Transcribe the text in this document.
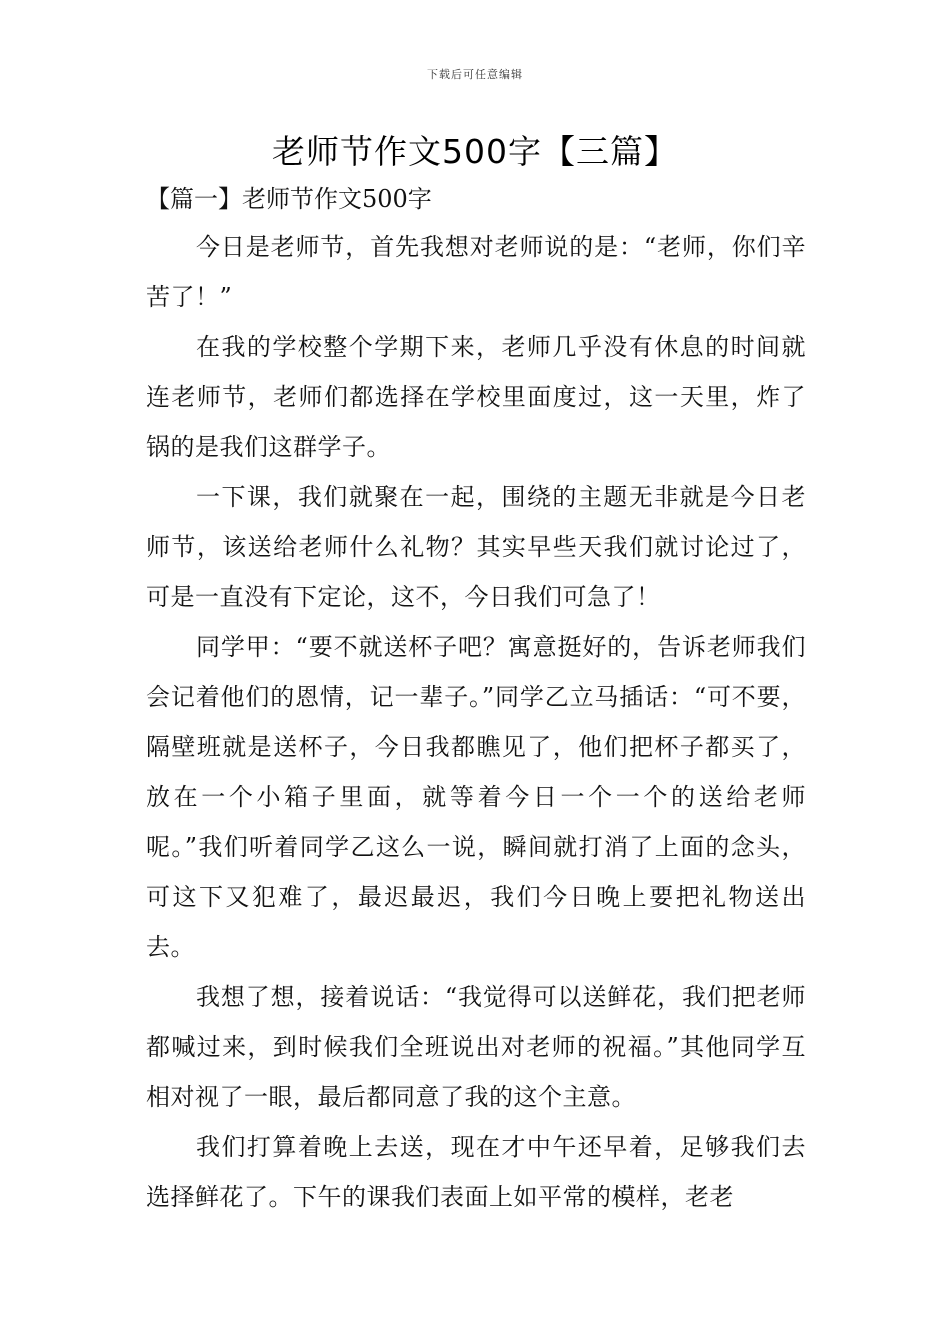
下载后可任意编辑
老师节作文500字【三篇】
【篇一】老师节作文500字

今日是老师节，首先我想对老师说的是：“老师，你们辛苦了！”

在我的学校整个学期下来，老师几乎没有休息的时间就连老师节，老师们都选择在学校里面度过，这一天里，炸了锅的是我们这群学子。

一下课，我们就聚在一起，围绕的主题无非就是今日老师节，该送给老师什么礼物？其实早些天我们就讨论过了，可是一直没有下定论，这不，今日我们可急了！

同学甲：“要不就送杯子吧？寓意挺好的，告诉老师我们会记着他们的恩情，记一辈子。”同学乙立马插话：“可不要，隔壁班就是送杯子，今日我都瞧见了，他们把杯子都买了，放在一个小箱子里面，就等着今日一个一个的送给老师呢。”我们听着同学乙这么一说，瞬间就打消了上面的念头，可这下又犯难了，最迟最迟，我们今日晚上要把礼物送出去。

我想了想，接着说话：“我觉得可以送鲜花，我们把老师都喊过来，到时候我们全班说出对老师的祝福。”其他同学互相对视了一眼，最后都同意了我的这个主意。

我们打算着晚上去送，现在才中午还早着，足够我们去选择鲜花了。下午的课我们表面上如平常的模样，老老
